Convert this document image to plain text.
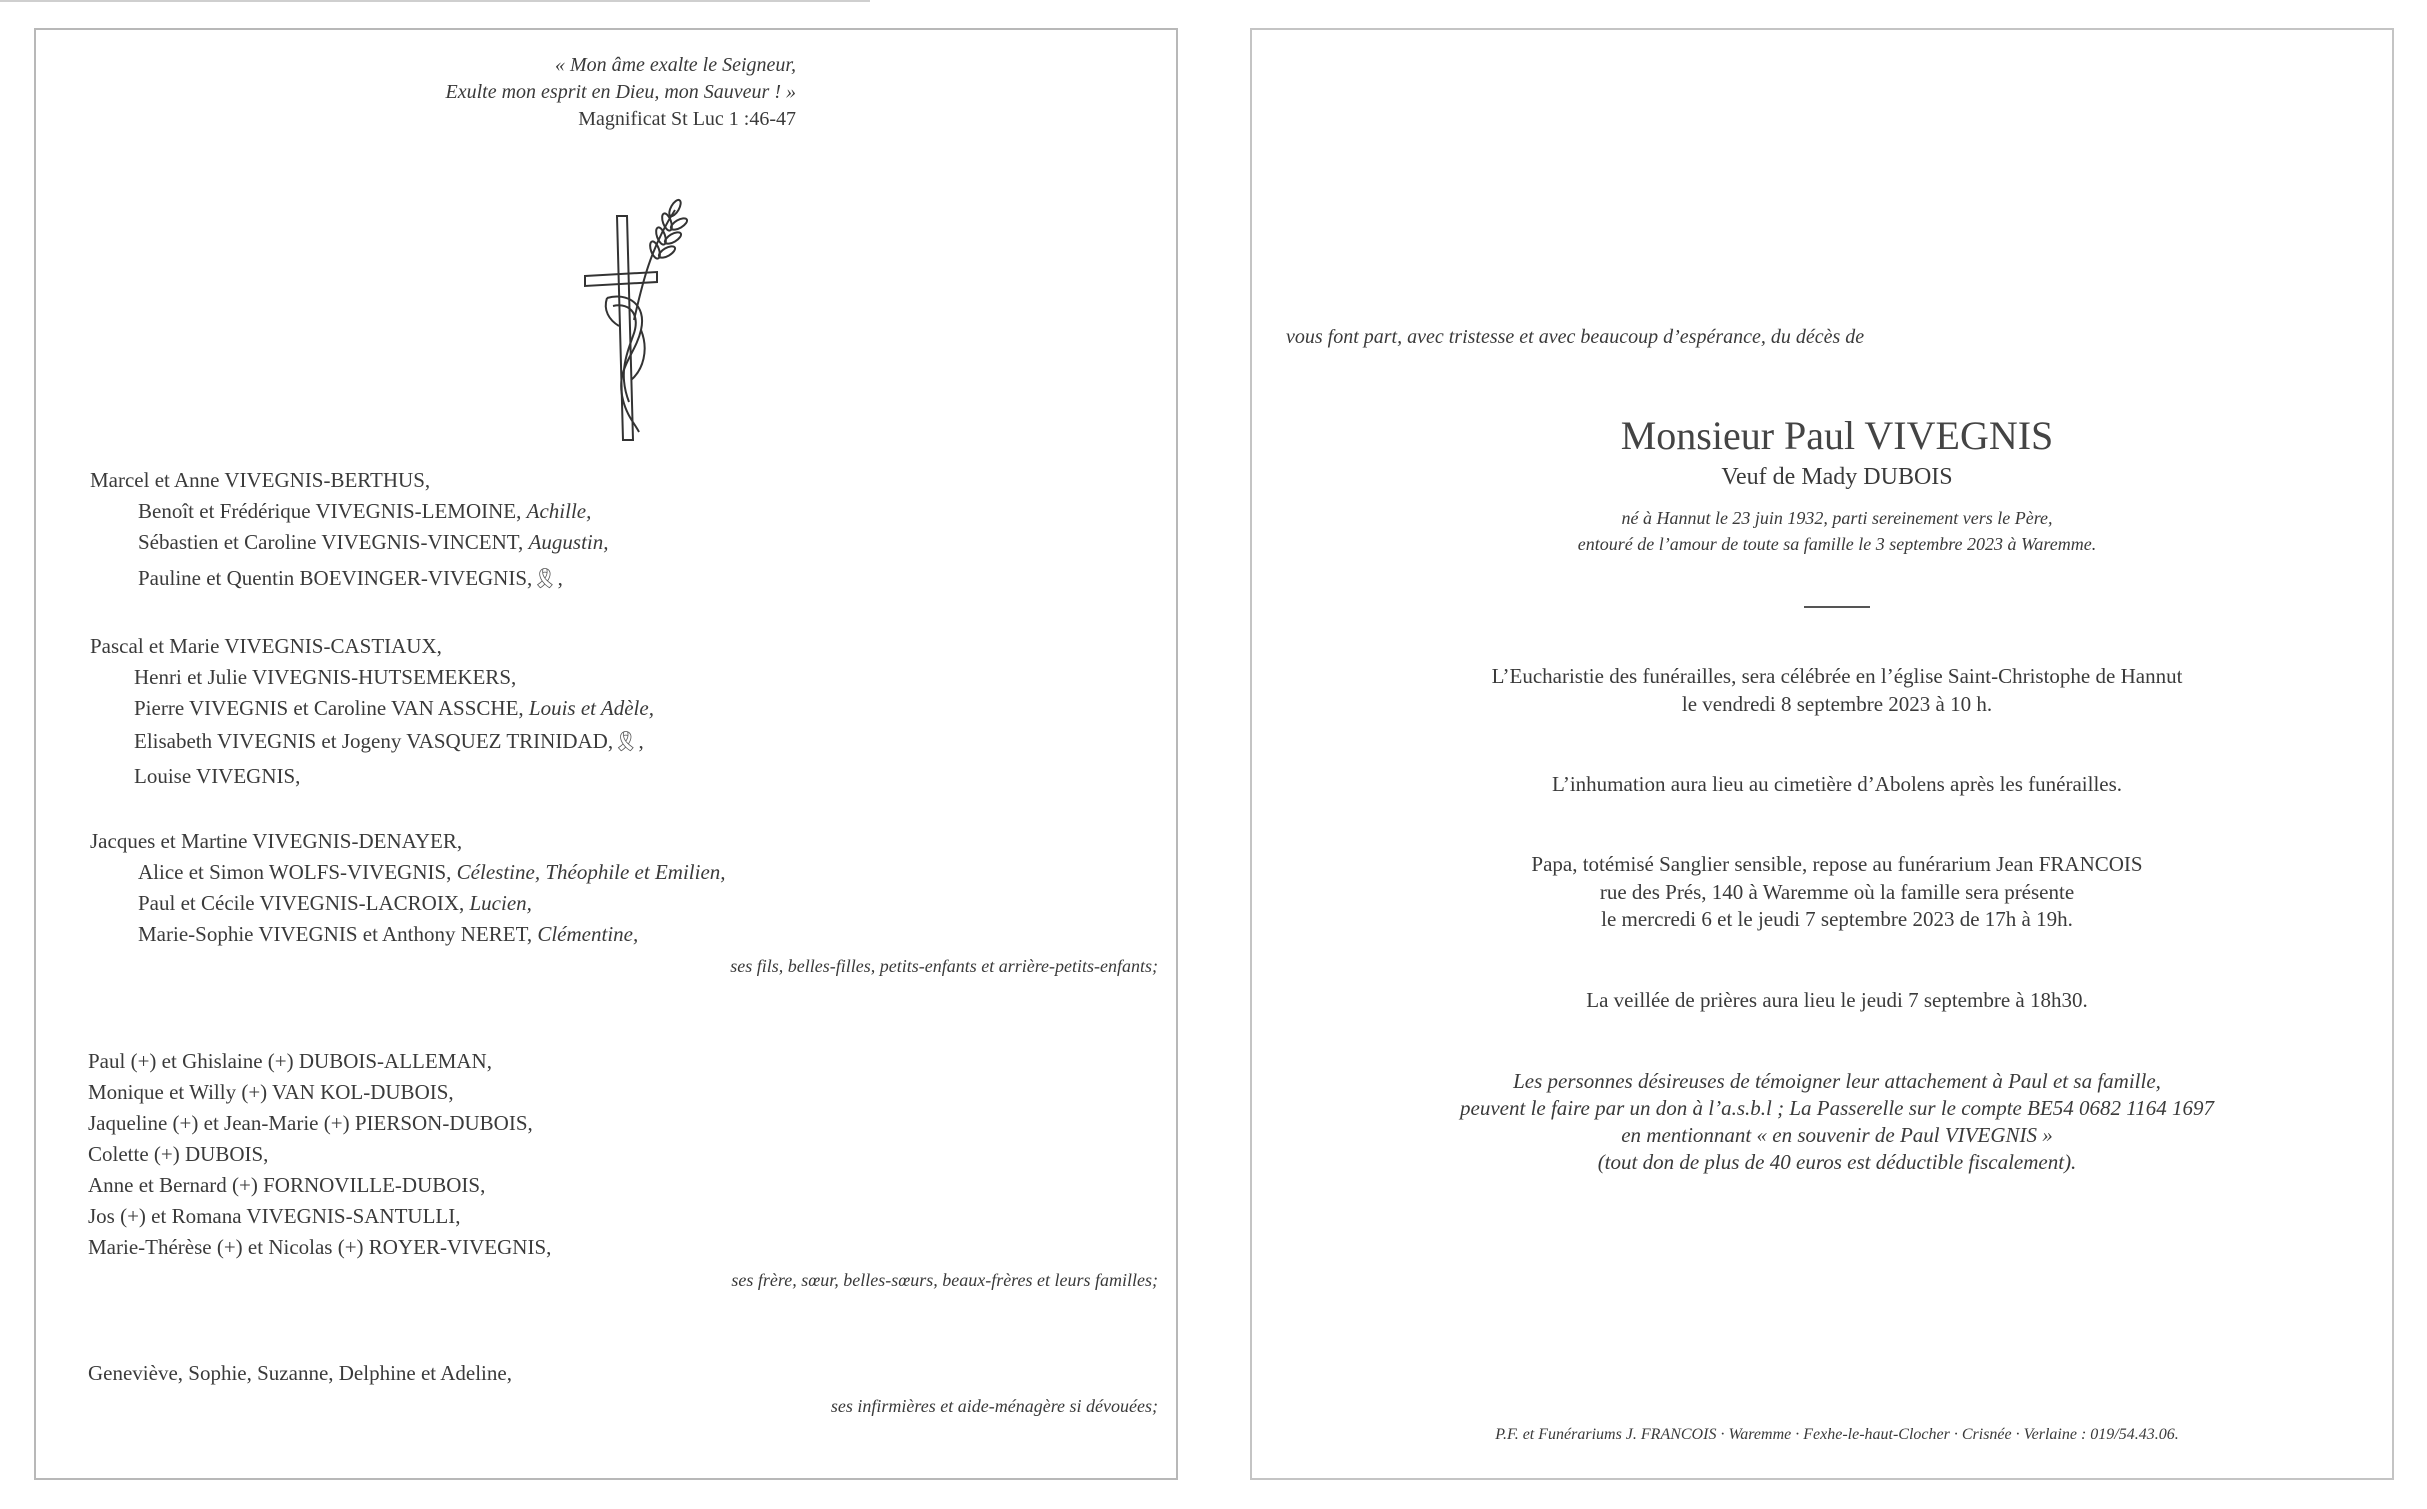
« Mon âme exalte le Seigneur,
Exulte mon esprit en Dieu, mon Sauveur ! »
Magnificat St Luc 1 :46-47
Marcel et Anne VIVEGNIS-BERTHUS,
Benoît et Frédérique VIVEGNIS-LEMOINE, Achille,
Sébastien et Caroline VIVEGNIS-VINCENT, Augustin,
Pauline et Quentin BOEVINGER-VIVEGNIS,🎗,
Pascal et Marie VIVEGNIS-CASTIAUX,
Henri et Julie VIVEGNIS-HUTSEMEKERS,
Pierre VIVEGNIS et Caroline VAN ASSCHE, Louis et Adèle,
Elisabeth VIVEGNIS et Jogeny VASQUEZ TRINIDAD,🎗,
Louise VIVEGNIS,
Jacques et Martine VIVEGNIS-DENAYER,
Alice et Simon WOLFS-VIVEGNIS, Célestine, Théophile et Emilien,
Paul et Cécile VIVEGNIS-LACROIX, Lucien,
Marie-Sophie VIVEGNIS et Anthony NERET, Clémentine,
ses fils, belles-filles, petits-enfants et arrière-petits-enfants;
Paul (+) et Ghislaine (+) DUBOIS-ALLEMAN,
Monique et Willy (+) VAN KOL-DUBOIS,
Jaqueline (+) et Jean-Marie (+) PIERSON-DUBOIS,
Colette (+) DUBOIS,
Anne et Bernard (+) FORNOVILLE-DUBOIS,
Jos (+) et Romana VIVEGNIS-SANTULLI,
Marie-Thérèse (+) et Nicolas (+) ROYER-VIVEGNIS,
ses frère, sœur, belles-sœurs, beaux-frères et leurs familles;
Geneviève, Sophie, Suzanne, Delphine et Adeline,
ses infirmières et aide-ménagère si dévouées;
vous font part, avec tristesse et avec beaucoup d’espérance, du décès de
Monsieur Paul VIVEGNIS
Veuf de Mady DUBOIS
né à Hannut le 23 juin 1932, parti sereinement vers le Père,
entouré de l’amour de toute sa famille le 3 septembre 2023 à Waremme.
L’Eucharistie des funérailles, sera célébrée en l’église Saint-Christophe de Hannut
le vendredi 8 septembre 2023 à 10 h.
L’inhumation aura lieu au cimetière d’Abolens après les funérailles.
Papa, totémisé Sanglier sensible, repose au funérarium Jean FRANCOIS
rue des Prés, 140 à Waremme où la famille sera présente
le mercredi 6 et le jeudi 7 septembre 2023 de 17h à 19h.
La veillée de prières aura lieu le jeudi 7 septembre à 18h30.
Les personnes désireuses de témoigner leur attachement à Paul et sa famille,
peuvent le faire par un don à l’a.s.b.l ; La Passerelle sur le compte BE54 0682 1164 1697
en mentionnant « en souvenir de Paul VIVEGNIS »
(tout don de plus de 40 euros est déductible fiscalement).
P.F. et Funérariums J. FRANCOIS · Waremme · Fexhe-le-haut-Clocher · Crisnée · Verlaine : 019/54.43.06.
